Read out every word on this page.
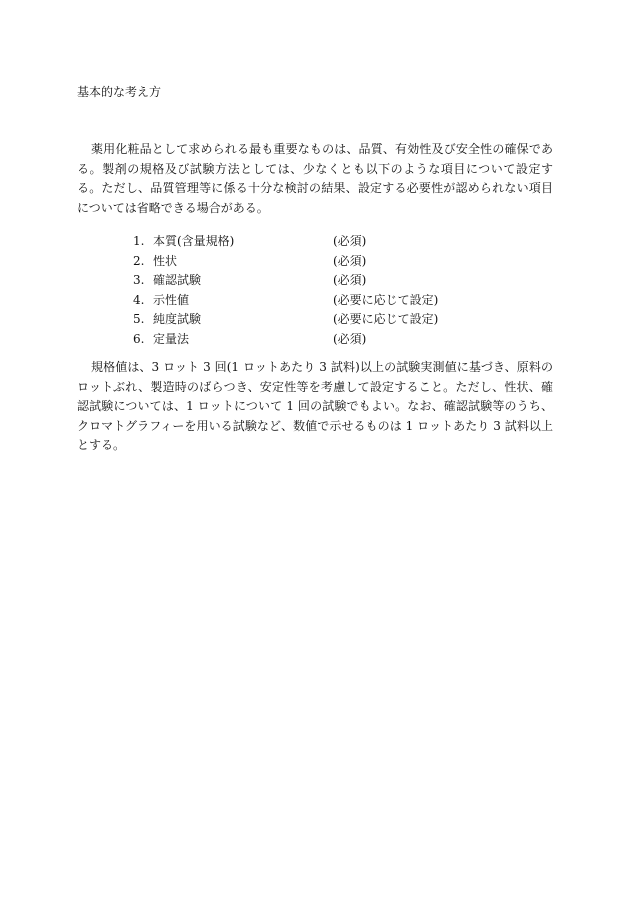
基本的な考え方

薬用化粧品として求められる最も重要なものは、品質、有効性及び安全性の確保である。製剤の規格及び試験方法としては、少なくとも以下のような項目について設定する。ただし、品質管理等に係る十分な検討の結果、設定する必要性が認められない項目については省略できる場合がある。

1. 本質(含量規格)	(必須)
2. 性状	(必須)
3. 確認試験	(必須)
4. 示性値	(必要に応じて設定)
5. 純度試験	(必要に応じて設定)
6. 定量法	(必須)

規格値は、3 ロット 3 回(1 ロットあたり 3 試料)以上の試験実測値に基づき、原料のロットぶれ、製造時のばらつき、安定性等を考慮して設定すること。ただし、性状、確認試験については、1 ロットについて 1 回の試験でもよい。なお、確認試験等のうち、クロマトグラフィーを用いる試験など、数値で示せるものは 1 ロットあたり 3 試料以上とする。
